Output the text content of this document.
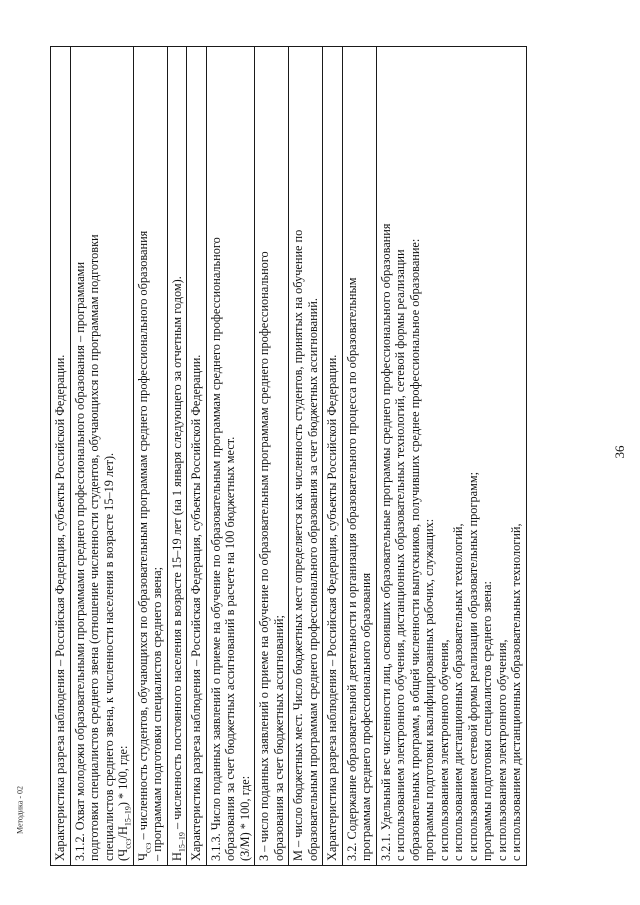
36
Методика - 02 Характеристика разреза наблюдения – Российская Федерация, субъекты Российской Федерации.

3.1.2. Охват молодежи образовательными программами среднего профессионального образования – программами подготовки специалистов среднего звена (отношение численности студентов, обучающихся по программам подготовки специалистов среднего звена, к численности населения в возрасте 15–19 лет). $(Ч_{ссз}/Н_{15-19}) * 100$, где:

$Ч_{ссз}$ – численность студентов, обучающихся по образовательным программам среднего профессионального образования – программам подготовки специалистов среднего звена;

$Н_{15-19}$ – численность постоянного населения в возрасте 15–19 лет (на 1 января следующего за отчетным годом).

Характеристика разреза наблюдения – Российская Федерация, субъекты Российской Федерации.

3.1.3. Число поданных заявлений о приеме на обучение по образовательным программам среднего профессионального образования за счет бюджетных ассигнований в расчете на 100 бюджетных мест. (З/М) * 100, где:

З – число поданных заявлений о приеме на обучение по образовательным программам среднего профессионального образования за счет бюджетных ассигнований;

М – число бюджетных мест. Число бюджетных мест определяется как численность студентов, принятых на обучение по образовательным программам среднего профессионального образования за счет бюджетных ассигнований.

Характеристика разреза наблюдения – Российская Федерация, субъекты Российской Федерации.

3.2. Содержание образовательной деятельности и организация образовательного процесса по образовательным программам среднего профессионального образования

3.2.1. Удельный вес численности лиц, освоивших образовательные программы среднего профессионального образования с использованием электронного обучения, дистанционных образовательных технологий, сетевой формы реализации образовательных программ, в общей численности выпускников, получивших среднее профессиональное образование: программы подготовки квалифицированных рабочих, служащих: с использованием электронного обучения, с использованием дистанционных образовательных технологий, с использованием сетевой формы реализации образовательных программ; программы подготовки специалистов среднего звена: с использованием электронного обучения, с использованием дистанционных образовательных технологий,
